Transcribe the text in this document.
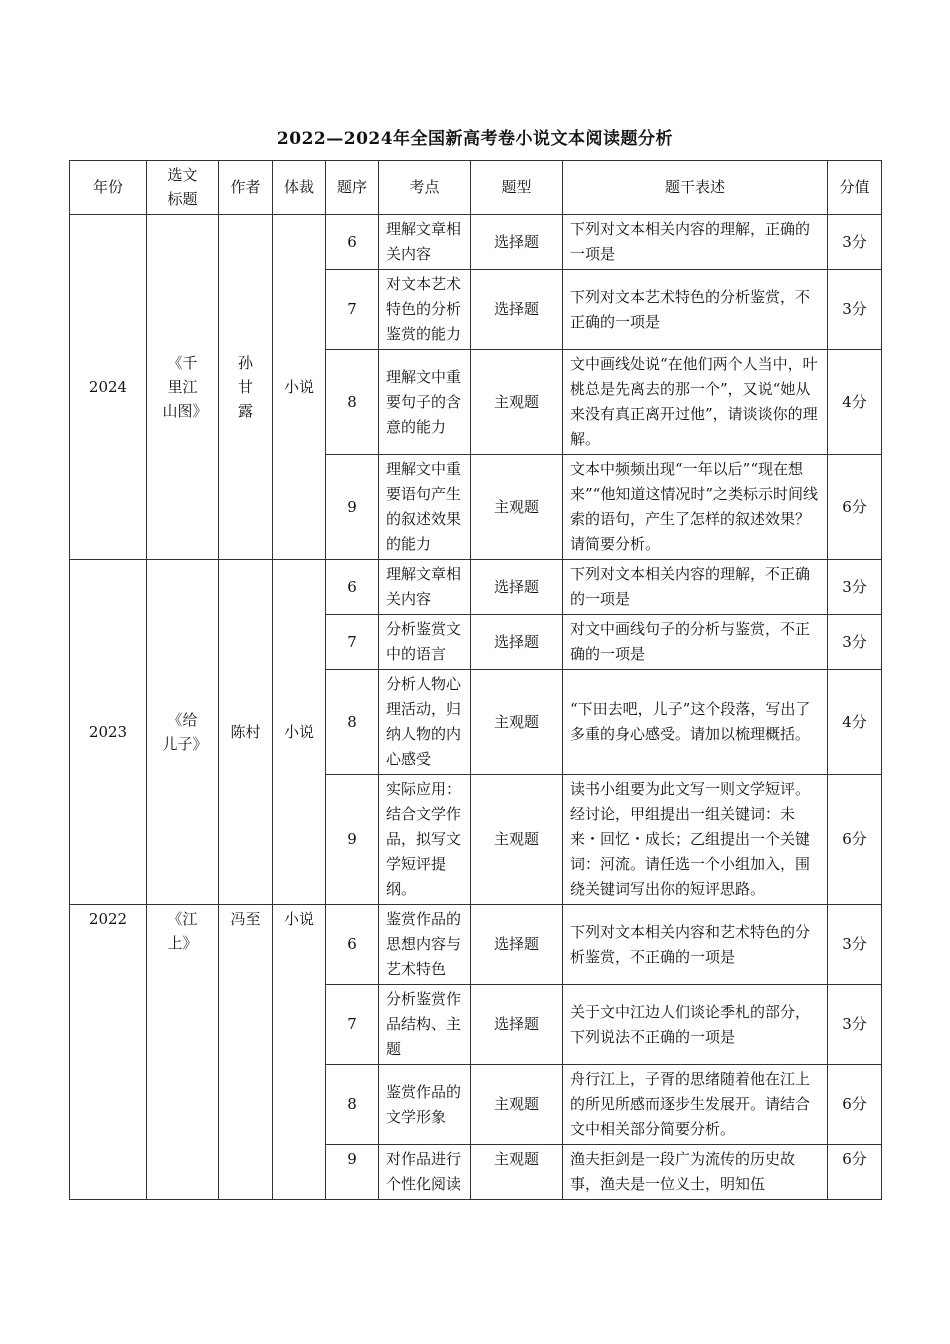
2022—2024年全国新高考卷小说文本阅读题分析
年份	选文标题	作者	体裁	题序	考点	题型	题干表述	分值
2024	《千里江山图》	孙甘露	小说	6	理解文章相关内容	选择题	下列对文本相关内容的理解，正确的一项是	3分
				7	对文本艺术特色的分析鉴赏的能力	选择题	下列对文本艺术特色的分析鉴赏，不正确的一项是	3分
				8	理解文中重要句子的含意的能力	主观题	文中画线处说“在他们两个人当中，叶桃总是先离去的那一个”，又说“她从来没有真正离开过他”，请谈谈你的理解。	4分
				9	理解文中重要语句产生的叙述效果的能力	主观题	文本中频频出现“一年以后”“现在想来”“他知道这情况时”之类标示时间线索的语句，产生了怎样的叙述效果？请简要分析。	6分
2023	《给儿子》	陈村	小说	6	理解文章相关内容	选择题	下列对文本相关内容的理解，不正确的一项是	3分
				7	分析鉴赏文中的语言	选择题	对文中画线句子的分析与鉴赏，不正确的一项是	3分
				8	分析人物心理活动，归纳人物的内心感受	主观题	“下田去吧，儿子”这个段落，写出了多重的身心感受。请加以梳理概括。	4分
				9	实际应用：结合文学作品，拟写文学短评提纲。	主观题	读书小组要为此文写一则文学短评。经讨论，甲组提出一组关键词：未来・回忆・成长；乙组提出一个关键词：河流。请任选一个小组加入，围绕关键词写出你的短评思路。	6分
2022	《江上》	冯至	小说	6	鉴赏作品的思想内容与艺术特色	选择题	下列对文本相关内容和艺术特色的分析鉴赏，不正确的一项是	3分
				7	分析鉴赏作品结构、主题	选择题	关于文中江边人们谈论季札的部分，下列说法不正确的一项是	3分
				8	鉴赏作品的文学形象	主观题	舟行江上，子胥的思绪随着他在江上的所见所感而逐步生发展开。请结合文中相关部分简要分析。	6分
				9	对作品进行个性化阅读	主观题	渔夫拒剑是一段广为流传的历史故事，渔夫是一位义士，明知伍	6分
